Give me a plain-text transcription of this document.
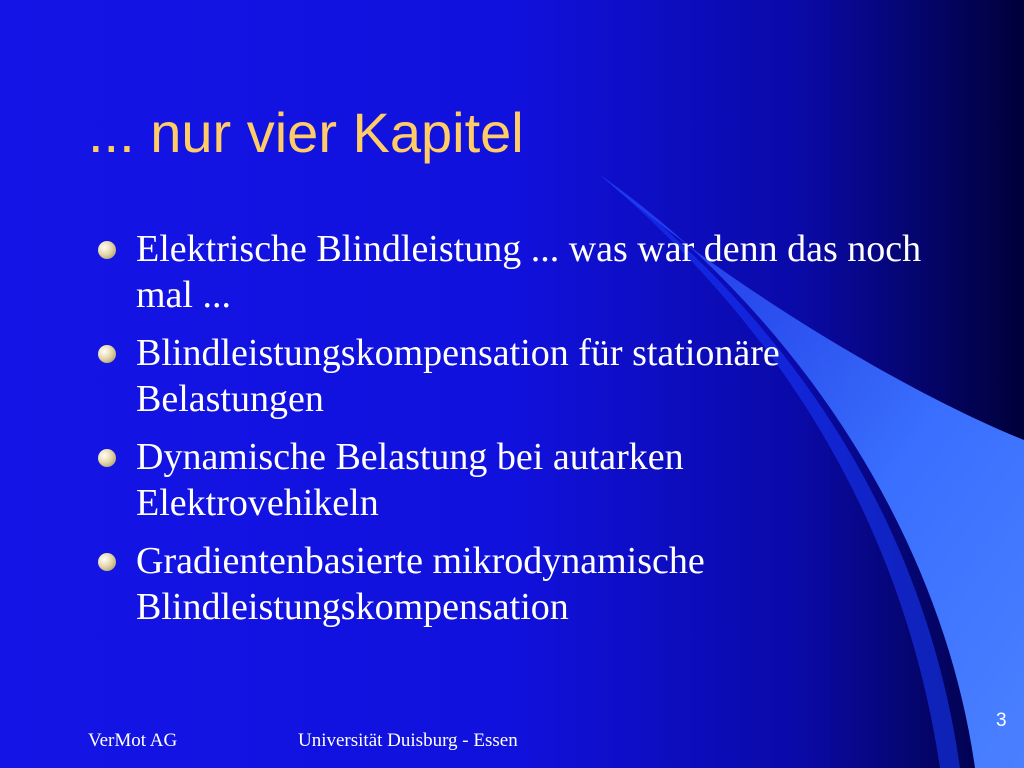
... nur vier Kapitel
Elektrische Blindleistung ... was war denn das noch mal ...
Blindleistungskompensation für stationäre Belastungen
Dynamische Belastung bei autarken Elektrovehikeln
Gradientenbasierte mikrodynamische Blindleistungskompensation
VerMot AG	Universität Duisburg - Essen
3
